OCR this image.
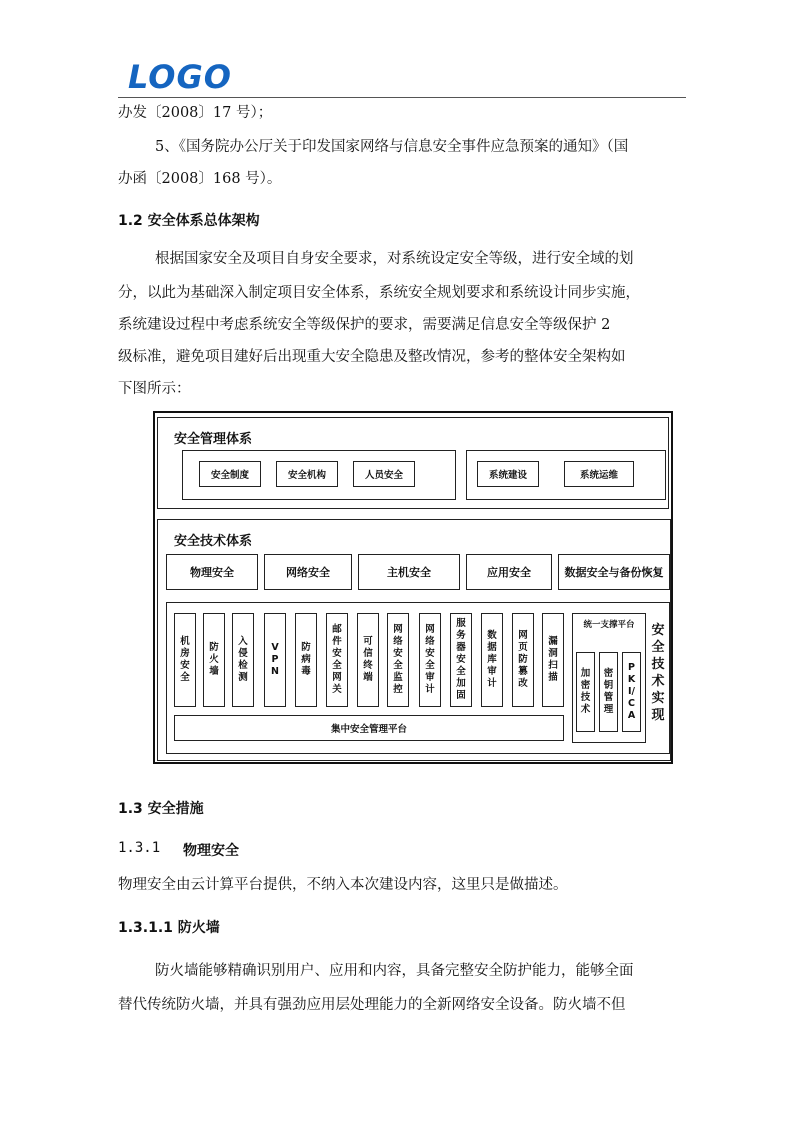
LOGO
办发〔2008〕17 号）；
5、《国务院办公厅关于印发国家网络与信息安全事件应急预案的通知》（国
办函〔2008〕168 号）。
1.2 安全体系总体架构
根据国家安全及项目自身安全要求，对系统设定安全等级，进行安全域的划
分，以此为基础深入制定项目安全体系，系统安全规划要求和系统设计同步实施，
系统建设过程中考虑系统安全等级保护的要求，需要满足信息安全等级保护 2
级标准，避免项目建好后出现重大安全隐患及整改情况，参考的整体安全架构如
下图所示：
安全管理体系
安全制度	安全机构	人员安全	系统建设	系统运维
安全技术体系
物理安全	网络安全	主机安全	应用安全	数据安全与备份恢复
机房安全
防火墙
入侵检测
VPN
防病毒
邮件安全网关
可信终端
网络安全监控
网络安全审计
服务器安全加固
数据库审计
网页防篡改
漏洞扫描
集中安全管理平台
统一支撑平台
加密技术
密钥管理
PKI/CA
安全技术实现
1.3 安全措施
1.3.1 物理安全
物理安全由云计算平台提供，不纳入本次建设内容，这里只是做描述。
1.3.1.1 防火墙
防火墙能够精确识别用户、应用和内容，具备完整安全防护能力，能够全面
替代传统防火墙，并具有强劲应用层处理能力的全新网络安全设备。防火墙不但
